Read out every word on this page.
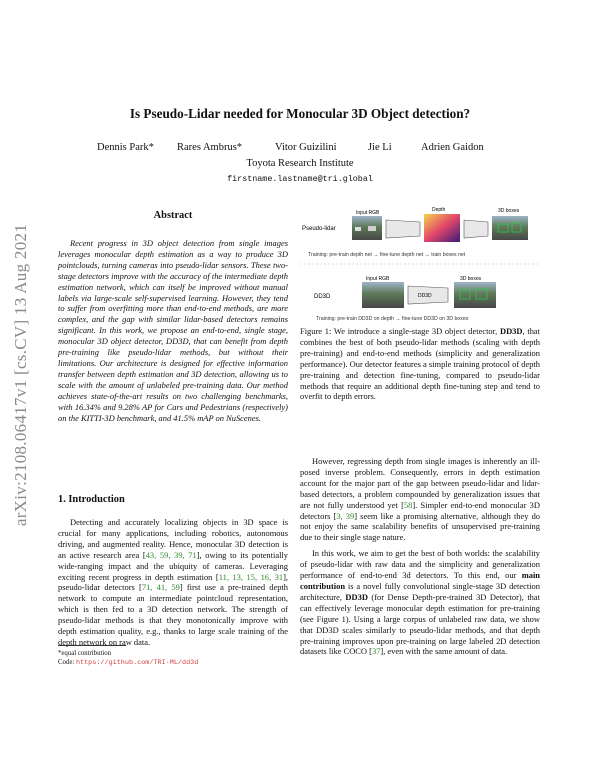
arXiv:2108.06417v1 [cs.CV] 13 Aug 2021
Is Pseudo-Lidar needed for Monocular 3D Object detection?
Dennis Park* Rares Ambrus*	Vitor Guizilini	Jie Li	Adrien Gaidon
Toyota Research Institute
firstname.lastname@tri.global
Abstract

Recent progress in 3D object detection from single images leverages monocular depth estimation as a way to produce 3D pointclouds, turning cameras into pseudo-lidar sensors. These two-stage detectors improve with the accuracy of the intermediate depth estimation network, which can itself be improved without manual labels via large-scale self-supervised learning. However, they tend to suffer from overfitting more than end-to-end methods, are more complex, and the gap with similar lidar-based detectors remains significant. In this work, we propose an end-to-end, single stage, monocular 3D object detector, DD3D, that can benefit from depth pre-training like pseudo-lidar methods, but without their limitations. Our architecture is designed for effective information transfer between depth estimation and 3D detection, allowing us to scale with the amount of unlabeled pre-training data. Our method achieves state-of-the-art results on two challenging benchmarks, with 16.34% and 9.28% AP for Cars and Pedestrians (respectively) on the KITTI-3D benchmark, and 41.5% mAP on NuScenes.

1. Introduction

Detecting and accurately localizing objects in 3D space is crucial for many applications, including robotics, autonomous driving, and augmented reality. Hence, monocular 3D detection is an active research area [43, 59, 39, 71], owing to its potentially wide-ranging impact and the ubiquity of cameras. Leveraging exciting recent progress in depth estimation [11, 13, 15, 16, 31], pseudo-lidar detectors [71, 41, 59] first use a pre-trained depth network to compute an intermediate pointcloud representation, which is then fed to a 3D detection network. The strength of pseudo-lidar methods is that they monotonically improve with depth estimation quality, e.g., thanks to large scale training of the depth network on raw data.

*equal contribution
Code: https://github.com/TRI-ML/dd3d
Pseudo-lidar
Input RGB	Depth	3D boxes
Training: pre-train depth net → fine-tune depth net → train boxes net
DD3D
Input RGB
DD3D
3D boxes
Training: pre-train DD3D on depth → fine-tune DD3D on 3D boxes
Figure 1: We introduce a single-stage 3D object detector, DD3D, that combines the best of both pseudo-lidar methods (scaling with depth pre-training) and end-to-end methods (simplicity and generalization performance). Our detector features a simple training protocol of depth pre-training and detection fine-tuning, compared to pseudo-lidar methods that require an additional depth fine-tuning step and tend to overfit to depth errors.

However, regressing depth from single images is inherently an ill-posed inverse problem. Consequently, errors in depth estimation account for the major part of the gap between pseudo-lidar and lidar-based detectors, a problem compounded by generalization issues that are not fully understood yet [58]. Simpler end-to-end monocular 3D detectors [3, 39] seem like a promising alternative, although they do not enjoy the same scalability benefits of unsupervised pre-training due to their single stage nature.

In this work, we aim to get the best of both worlds: the scalability of pseudo-lidar with raw data and the simplicity and generalization performance of end-to-end 3d detectors. To this end, our main contribution is a novel fully convolutional single-stage 3D detection architecture, DD3D (for Dense Depth-pre-trained 3D Detector), that can effectively leverage monocular depth estimation for pre-training (see Figure 1). Using a large corpus of unlabeled raw data, we show that DD3D scales similarly to pseudo-lidar methods, and that depth pre-training improves upon pre-training on large labeled 2D detection datasets like COCO [37], even with the same amount of data.
